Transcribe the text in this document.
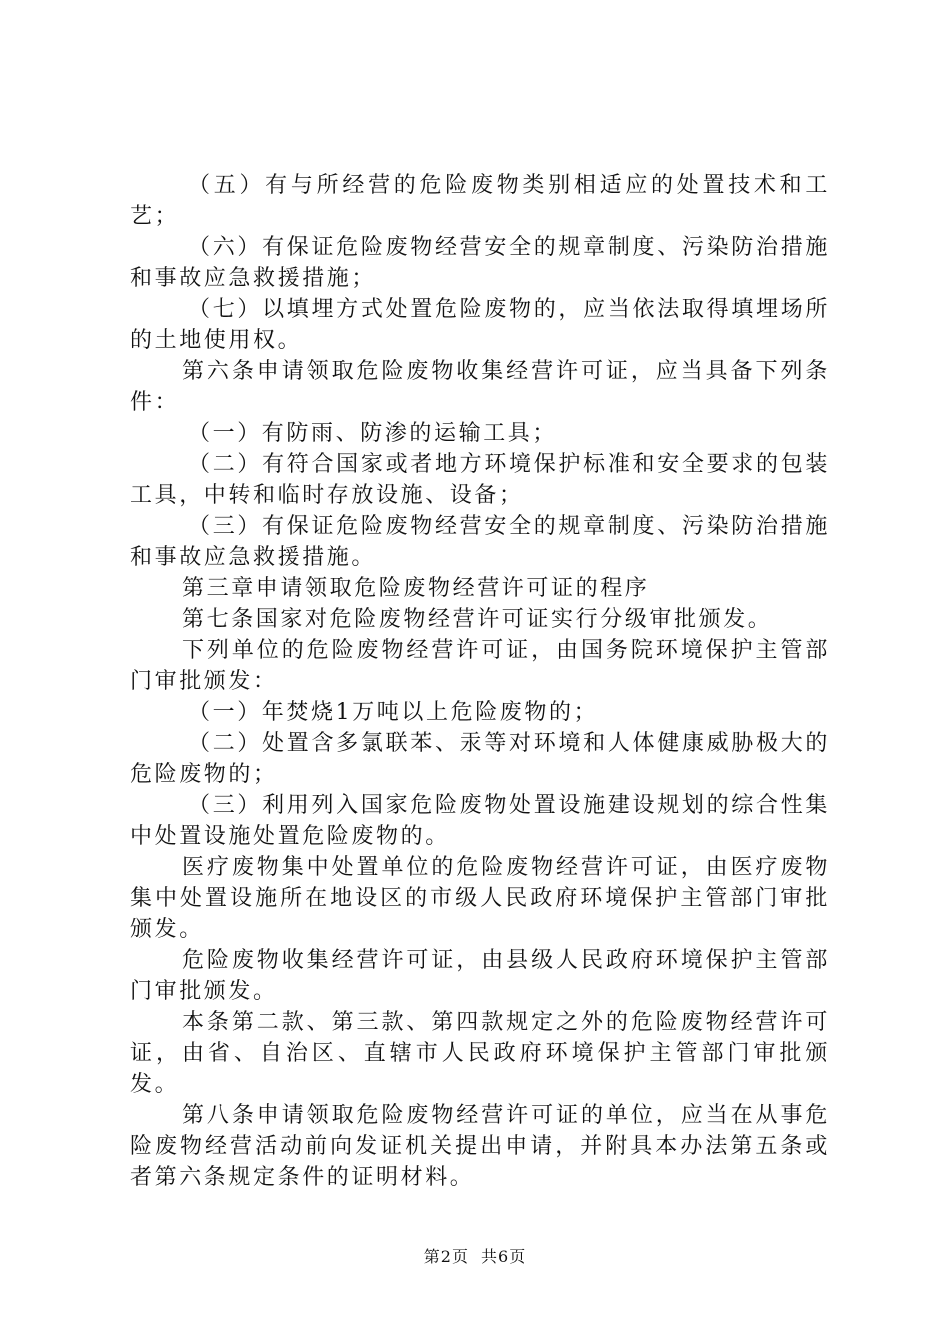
（五）有与所经营的危险废物类别相适应的处置技术和工艺；

（六）有保证危险废物经营安全的规章制度、污染防治措施和事故应急救援措施；

（七）以填埋方式处置危险废物的，应当依法取得填埋场所的土地使用权。

第六条申请领取危险废物收集经营许可证，应当具备下列条件：

（一）有防雨、防渗的运输工具；

（二）有符合国家或者地方环境保护标准和安全要求的包装工具，中转和临时存放设施、设备；

（三）有保证危险废物经营安全的规章制度、污染防治措施和事故应急救援措施。

第三章申请领取危险废物经营许可证的程序

第七条国家对危险废物经营许可证实行分级审批颁发。

下列单位的危险废物经营许可证，由国务院环境保护主管部门审批颁发：

（一）年焚烧1万吨以上危险废物的；

（二）处置含多氯联苯、汞等对环境和人体健康威胁极大的危险废物的；

（三）利用列入国家危险废物处置设施建设规划的综合性集中处置设施处置危险废物的。

医疗废物集中处置单位的危险废物经营许可证，由医疗废物集中处置设施所在地设区的市级人民政府环境保护主管部门审批颁发。

危险废物收集经营许可证，由县级人民政府环境保护主管部门审批颁发。

本条第二款、第三款、第四款规定之外的危险废物经营许可证，由省、自治区、直辖市人民政府环境保护主管部门审批颁发。

第八条申请领取危险废物经营许可证的单位，应当在从事危险废物经营活动前向发证机关提出申请，并附具本办法第五条或者第六条规定条件的证明材料。

第2页 共6页
